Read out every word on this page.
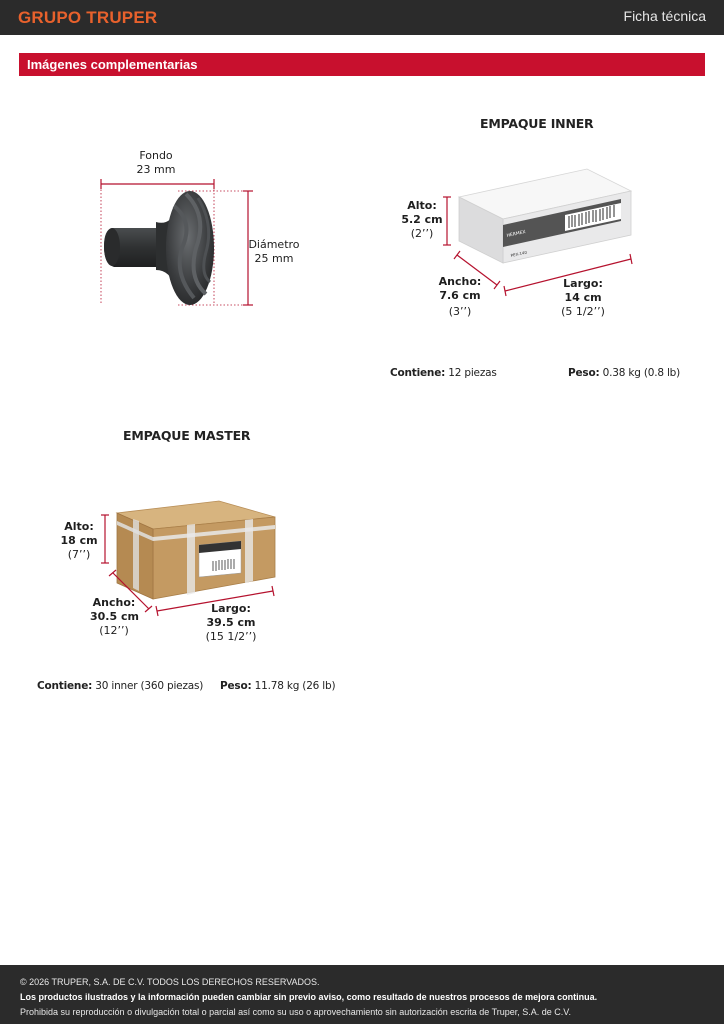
GRUPO TRUPER	Ficha técnica
Imágenes complementarias
Fondo
23 mm
Diámetro
25 mm
EMPAQUE INNER
HERMEX
PEX-140
Alto:
5.2 cm
(2’’)
Ancho:
7.6 cm
(3’’)
Largo:
14 cm
(5 1/2’’)
Contiene: 12 piezas	Peso: 0.38 kg (0.8 lb)
EMPAQUE MASTER
Alto:
18 cm
(7’’)
Ancho:
30.5 cm
(12’’)
Largo:
39.5 cm
(15 1/2’’)
Contiene: 30 inner (360 piezas) Peso: 11.78 kg (26 lb)
© 2026 TRUPER, S.A. DE C.V. TODOS LOS DERECHOS RESERVADOS.
Los productos ilustrados y la información pueden cambiar sin previo aviso, como resultado de nuestros procesos de mejora continua.
Prohibida su reproducción o divulgación total o parcial así como su uso o aprovechamiento sin autorización escrita de Truper, S.A. de C.V.
